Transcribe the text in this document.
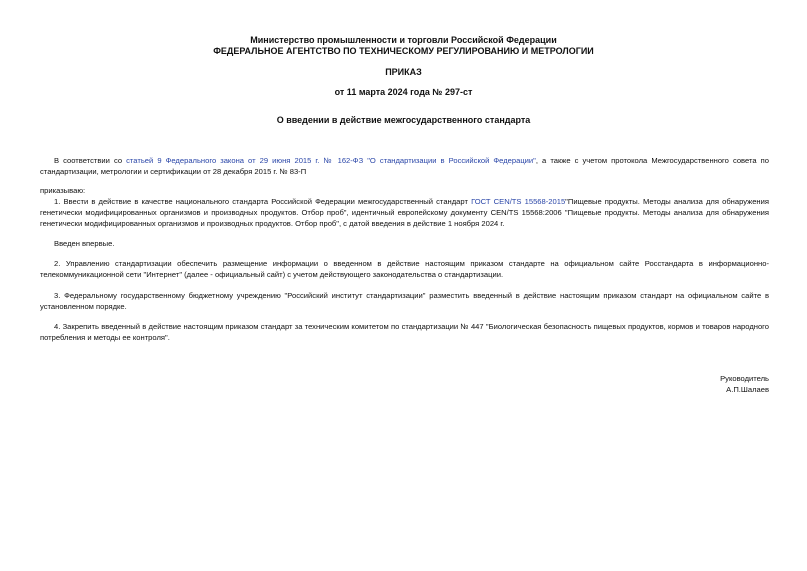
Министерство промышленности и торговли Российской Федерации
ФЕДЕРАЛЬНОЕ АГЕНТСТВО ПО ТЕХНИЧЕСКОМУ РЕГУЛИРОВАНИЮ И МЕТРОЛОГИИ
ПРИКАЗ
от 11 марта 2024 года № 297-ст
О введении в действие межгосударственного стандарта
В соответствии со статьей 9 Федерального закона от 29 июня 2015 г. № 162-ФЗ "О стандартизации в Российской Федерации", а также с учетом протокола Межгосударственного совета по стандартизации, метрологии и сертификации от 28 декабря 2015 г. № 83-П
приказываю:
1. Ввести в действие в качестве национального стандарта Российской Федерации межгосударственный стандарт ГОСТ CEN/TS 15568-2015"Пищевые продукты. Методы анализа для обнаружения генетически модифицированных организмов и производных продуктов. Отбор проб", идентичный европейскому документу CEN/TS 15568:2006 "Пищевые продукты. Методы анализа для обнаружения генетически модифицированных организмов и производных продуктов. Отбор проб", с датой введения в действие 1 ноября 2024 г.
Введен впервые.
2. Управлению стандартизации обеспечить размещение информации о введенном в действие настоящим приказом стандарте на официальном сайте Росстандарта в информационно-телекоммуникационной сети "Интернет" (далее - официальный сайт) с учетом действующего законодательства о стандартизации.
3. Федеральному государственному бюджетному учреждению "Российский институт стандартизации" разместить введенный в действие настоящим приказом стандарт на официальном сайте в установленном порядке.
4. Закрепить введенный в действие настоящим приказом стандарт за техническим комитетом по стандартизации № 447 "Биологическая безопасность пищевых продуктов, кормов и товаров народного потребления и методы ее контроля".
Руководитель
А.П.Шалаев
